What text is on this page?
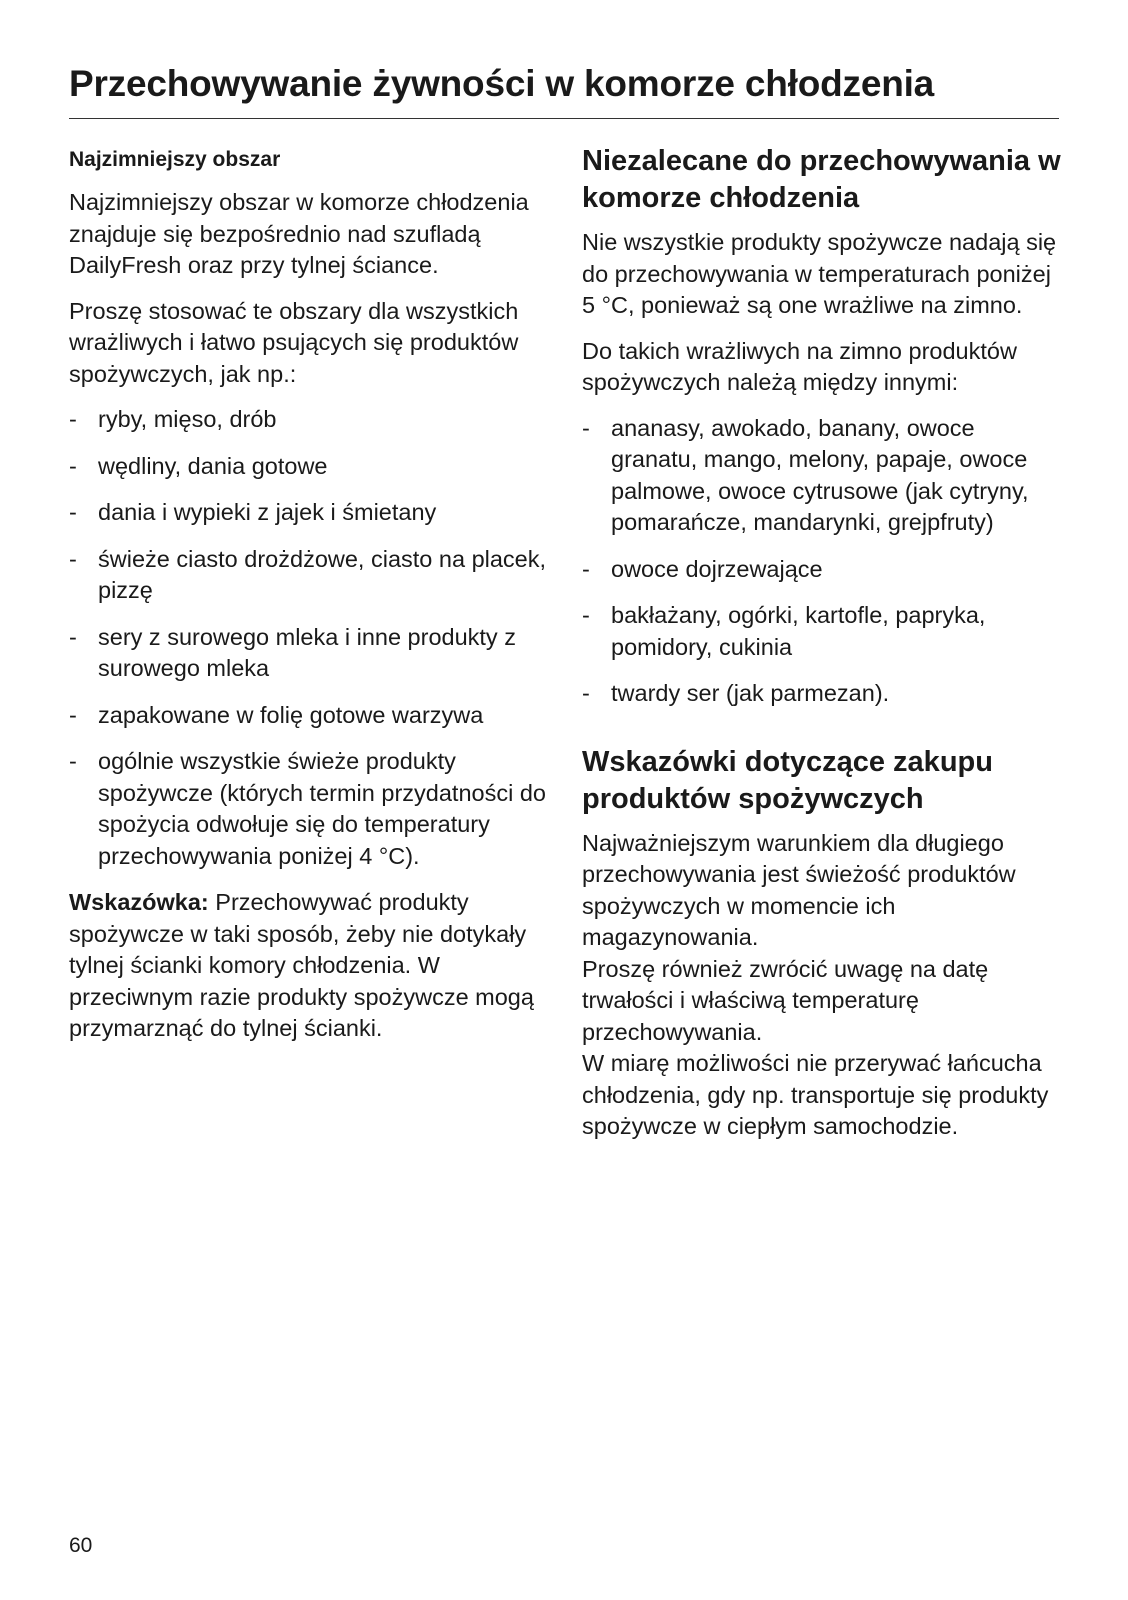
Przechowywanie żywności w komorze chłodzenia
Najzimniejszy obszar

Najzimniejszy obszar w komorze chłodzenia znajduje się bezpośrednio nad szufladą DailyFresh oraz przy tylnej ściance.

Proszę stosować te obszary dla wszystkich wrażliwych i łatwo psujących się produktów spożywczych, jak np.:

- ryby, mięso, drób
- wędliny, dania gotowe
- dania i wypieki z jajek i śmietany
- świeże ciasto drożdżowe, ciasto na placek, pizzę
- sery z surowego mleka i inne produkty z surowego mleka
- zapakowane w folię gotowe warzywa
- ogólnie wszystkie świeże produkty spożywcze (których termin przydatności do spożycia odwołuje się do temperatury przechowywania poniżej 4 °C).

Wskazówka: Przechowywać produkty spożywcze w taki sposób, żeby nie dotykały tylnej ścianki komory chłodzenia. W przeciwnym razie produkty spożywcze mogą przymarznąć do tylnej ścianki.

Niezalecane do przechowywania w komorze chłodzenia

Nie wszystkie produkty spożywcze nadają się do przechowywania w temperaturach poniżej 5 °C, ponieważ są one wrażliwe na zimno.

Do takich wrażliwych na zimno produktów spożywczych należą między innymi:

- ananasy, awokado, banany, owoce granatu, mango, melony, papaje, owoce palmowe, owoce cytrusowe (jak cytryny, pomarańcze, mandarynki, grejpfruty)
- owoce dojrzewające
- bakłażany, ogórki, kartofle, papryka, pomidory, cukinia
- twardy ser (jak parmezan).
Wskazówki dotyczące zakupu produktów spożywczych

Najważniejszym warunkiem dla długiego przechowywania jest świeżość produktów spożywczych w momencie ich magazynowania.

Proszę również zwrócić uwagę na datę trwałości i właściwą temperaturę przechowywania.

W miarę możliwości nie przerywać łańcucha chłodzenia, gdy np. transportuje się produkty spożywcze w ciepłym samochodzie.

60
